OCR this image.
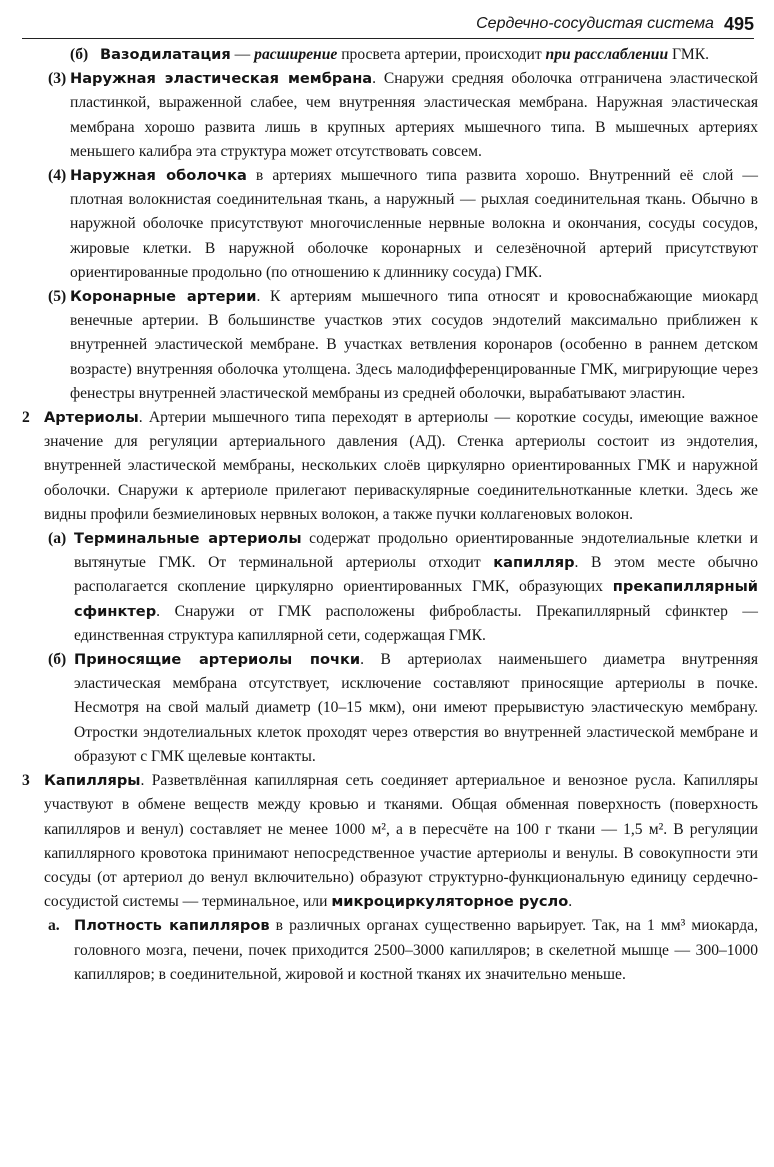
Сердечно-сосудистая система 495
(б) Вазодилатация — расширение просвета артерии, происходит при расслаблении ГМК.

(3) Наружная эластическая мембрана. Снаружи средняя оболочка отграничена эластической пластинкой, выраженной слабее, чем внутренняя эластическая мембрана. Наружная эластическая мембрана хорошо развита лишь в крупных артериях мышечного типа. В мышечных артериях меньшего калибра эта структура может отсутствовать совсем.

(4) Наружная оболочка в артериях мышечного типа развита хорошо. Внутренний её слой — плотная волокнистая соединительная ткань, а наружный — рыхлая соединительная ткань. Обычно в наружной оболочке присутствуют многочисленные нервные волокна и окончания, сосуды сосудов, жировые клетки. В наружной оболочке коронарных и селезёночной артерий присутствуют ориентированные продольно (по отношению к длиннику сосуда) ГМК.

(5) Коронарные артерии. К артериям мышечного типа относят и кровоснабжающие миокард венечные артерии. В большинстве участков этих сосудов эндотелий максимально приближен к внутренней эластической мембране. В участках ветвления коронаров (особенно в раннем детском возрасте) внутренняя оболочка утолщена. Здесь малодифференцированные ГМК, мигрирующие через фенестры внутренней эластической мембраны из средней оболочки, вырабатывают эластин.

2 Артериолы. Артерии мышечного типа переходят в артериолы — короткие сосуды, имеющие важное значение для регуляции артериального давления (АД). Стенка артериолы состоит из эндотелия, внутренней эластической мембраны, нескольких слоёв циркулярно ориентированных ГМК и наружной оболочки. Снаружи к артериоле прилегают периваскулярные соединительнотканные клетки. Здесь же видны профили безмиелиновых нервных волокон, а также пучки коллагеновых волокон.

(а) Терминальные артериолы содержат продольно ориентированные эндотелиальные клетки и вытянутые ГМК. От терминальной артериолы отходит капилляр. В этом месте обычно располагается скопление циркулярно ориентированных ГМК, образующих прекапиллярный сфинктер. Снаружи от ГМК расположены фибробласты. Прекапиллярный сфинктер — единственная структура капиллярной сети, содержащая ГМК.

(б) Приносящие артериолы почки. В артериолах наименьшего диаметра внутренняя эластическая мембрана отсутствует, исключение составляют приносящие артериолы в почке. Несмотря на свой малый диаметр (10–15 мкм), они имеют прерывистую эластическую мембрану. Отростки эндотелиальных клеток проходят через отверстия во внутренней эластической мембране и образуют с ГМК щелевые контакты.

3 Капилляры. Разветвлённая капиллярная сеть соединяет артериальное и венозное русла. Капилляры участвуют в обмене веществ между кровью и тканями. Общая обменная поверхность (поверхность капилляров и венул) составляет не менее 1000 м², а в пересчёте на 100 г ткани — 1,5 м². В регуляции капиллярного кровотока принимают непосредственное участие артериолы и венулы. В совокупности эти сосуды (от артериол до венул включительно) образуют структурно-функциональную единицу сердечно-сосудистой системы — терминальное, или микроциркуляторное русло.

а. Плотность капилляров в различных органах существенно варьирует. Так, на 1 мм³ миокарда, головного мозга, печени, почек приходится 2500–3000 капилляров; в скелетной мышце — 300–1000 капилляров; в соединительной, жировой и костной тканях их значительно меньше.
